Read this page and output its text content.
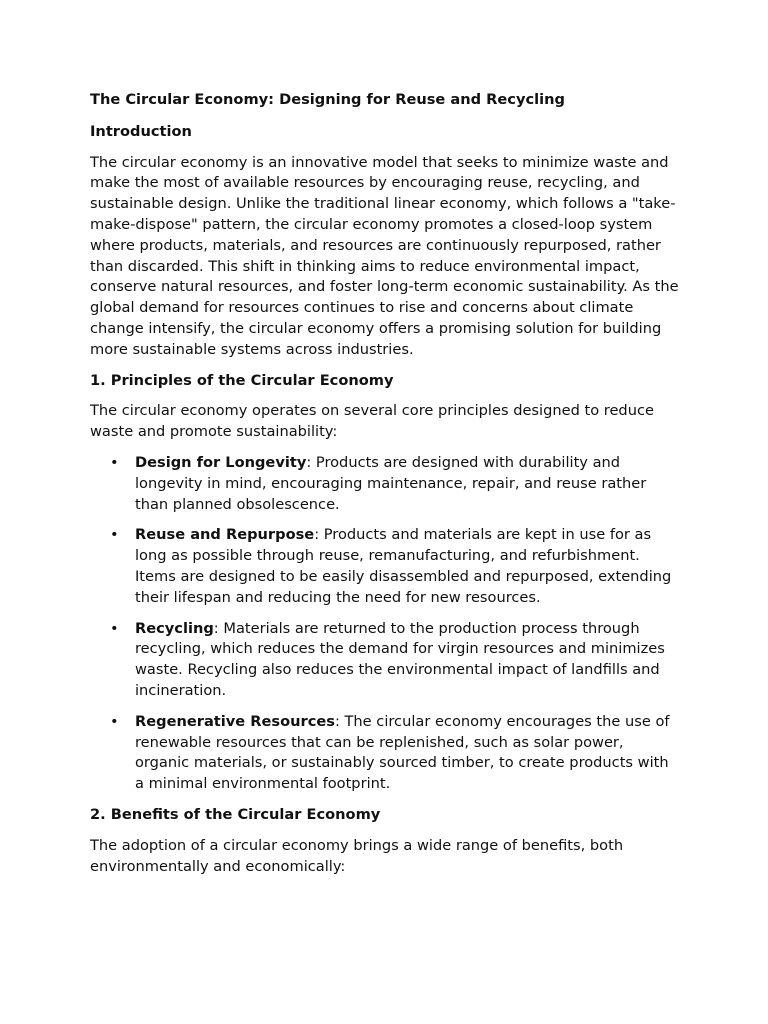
The Circular Economy: Designing for Reuse and Recycling
Introduction

The circular economy is an innovative model that seeks to minimize waste and make the most of available resources by encouraging reuse, recycling, and sustainable design. Unlike the traditional linear economy, which follows a "take-make-dispose" pattern, the circular economy promotes a closed-loop system where products, materials, and resources are continuously repurposed, rather than discarded. This shift in thinking aims to reduce environmental impact, conserve natural resources, and foster long-term economic sustainability. As the global demand for resources continues to rise and concerns about climate change intensify, the circular economy offers a promising solution for building more sustainable systems across industries.

1. Principles of the Circular Economy

The circular economy operates on several core principles designed to reduce waste and promote sustainability:

• Design for Longevity: Products are designed with durability and longevity in mind, encouraging maintenance, repair, and reuse rather than planned obsolescence.
• Reuse and Repurpose: Products and materials are kept in use for as long as possible through reuse, remanufacturing, and refurbishment. Items are designed to be easily disassembled and repurposed, extending their lifespan and reducing the need for new resources.
• Recycling: Materials are returned to the production process through recycling, which reduces the demand for virgin resources and minimizes waste. Recycling also reduces the environmental impact of landfills and incineration.
• Regenerative Resources: The circular economy encourages the use of renewable resources that can be replenished, such as solar power, organic materials, or sustainably sourced timber, to create products with a minimal environmental footprint.
2. Benefits of the Circular Economy

The adoption of a circular economy brings a wide range of benefits, both environmentally and economically:
